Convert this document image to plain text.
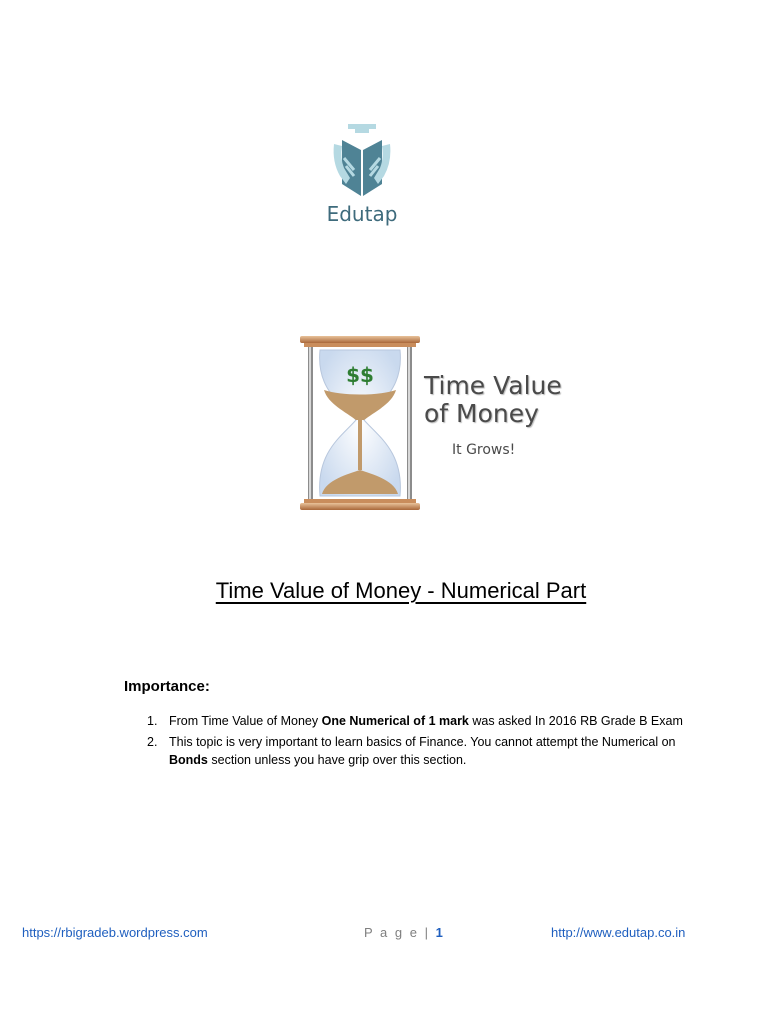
Edutap
$$ Time Value
of Money
It Grows!
Time Value of Money - Numerical Part
Importance:
1. From Time Value of Money One Numerical of 1 mark was asked In 2016 RB Grade B Exam
2. This topic is very important to learn basics of Finance. You cannot attempt the Numerical on Bonds section unless you have grip over this section.
https://rbigradeb.wordpress.com	P a g e | 1	http://www.edutap.co.in
